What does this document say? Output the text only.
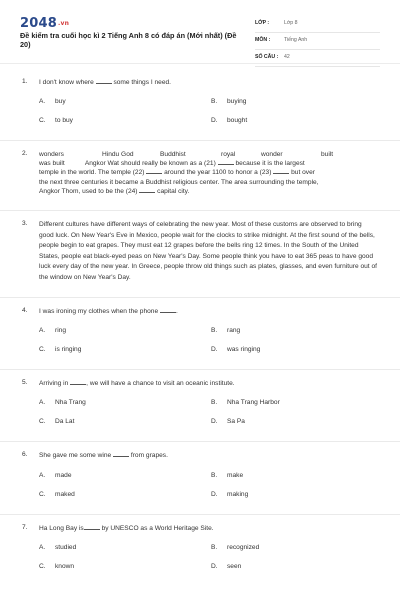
2048.vn
Đề kiểm tra cuối học kì 2 Tiếng Anh 8 có đáp án (Mới nhất) (Đề 20)
LỚP :	Lớp 8
MÔN :	Tiếng Anh
SỐ CÂU : 42
1. I don't know where	some things I need.
A. buy	B. buying
C. to buy	D. bought
2. wonders	Hindu God	Buddhist	royal	wonder	built
was built	Angkor Wat should really be known as a (21)	because it is the largest
temple in the world. The temple (22)	around the year 1100 to honor a (23)	but over
the next three centuries it became a Buddhist religious center. The area surrounding the temple,
Angkor Thom, used to be the (24)	capital city.
3. Different cultures have different ways of celebrating the new year. Most of these customs are observed to bring good luck. On New Year's Eve in Mexico, people wait for the clocks to strike midnight. At the first sound of the bells, people begin to eat grapes. They must eat 12 grapes before the bells ring 12 times. In the South of the United States, people eat black-eyed peas on New Year's Day. Some people think you have to eat 365 peas to have good luck every day of the new year. In Greece, people throw old things such as plates, glasses, and even furniture out of the window on New Year's Day.
4. I was ironing my clothes when the phone	.
A. ring	B. rang
C. is ringing	D. was ringing
5. Arriving in	, we will have a chance to visit an oceanic institute.
A. Nha Trang	B. Nha Trang Harbor
C. Da Lat	D. Sa Pa
6. She gave me some wine	from grapes.
A. made	B. make
C. maked	D. making
7. Ha Long Bay is	by UNESCO as a World Heritage Site.
A. studied	B. recognized
C. known	D. seen
